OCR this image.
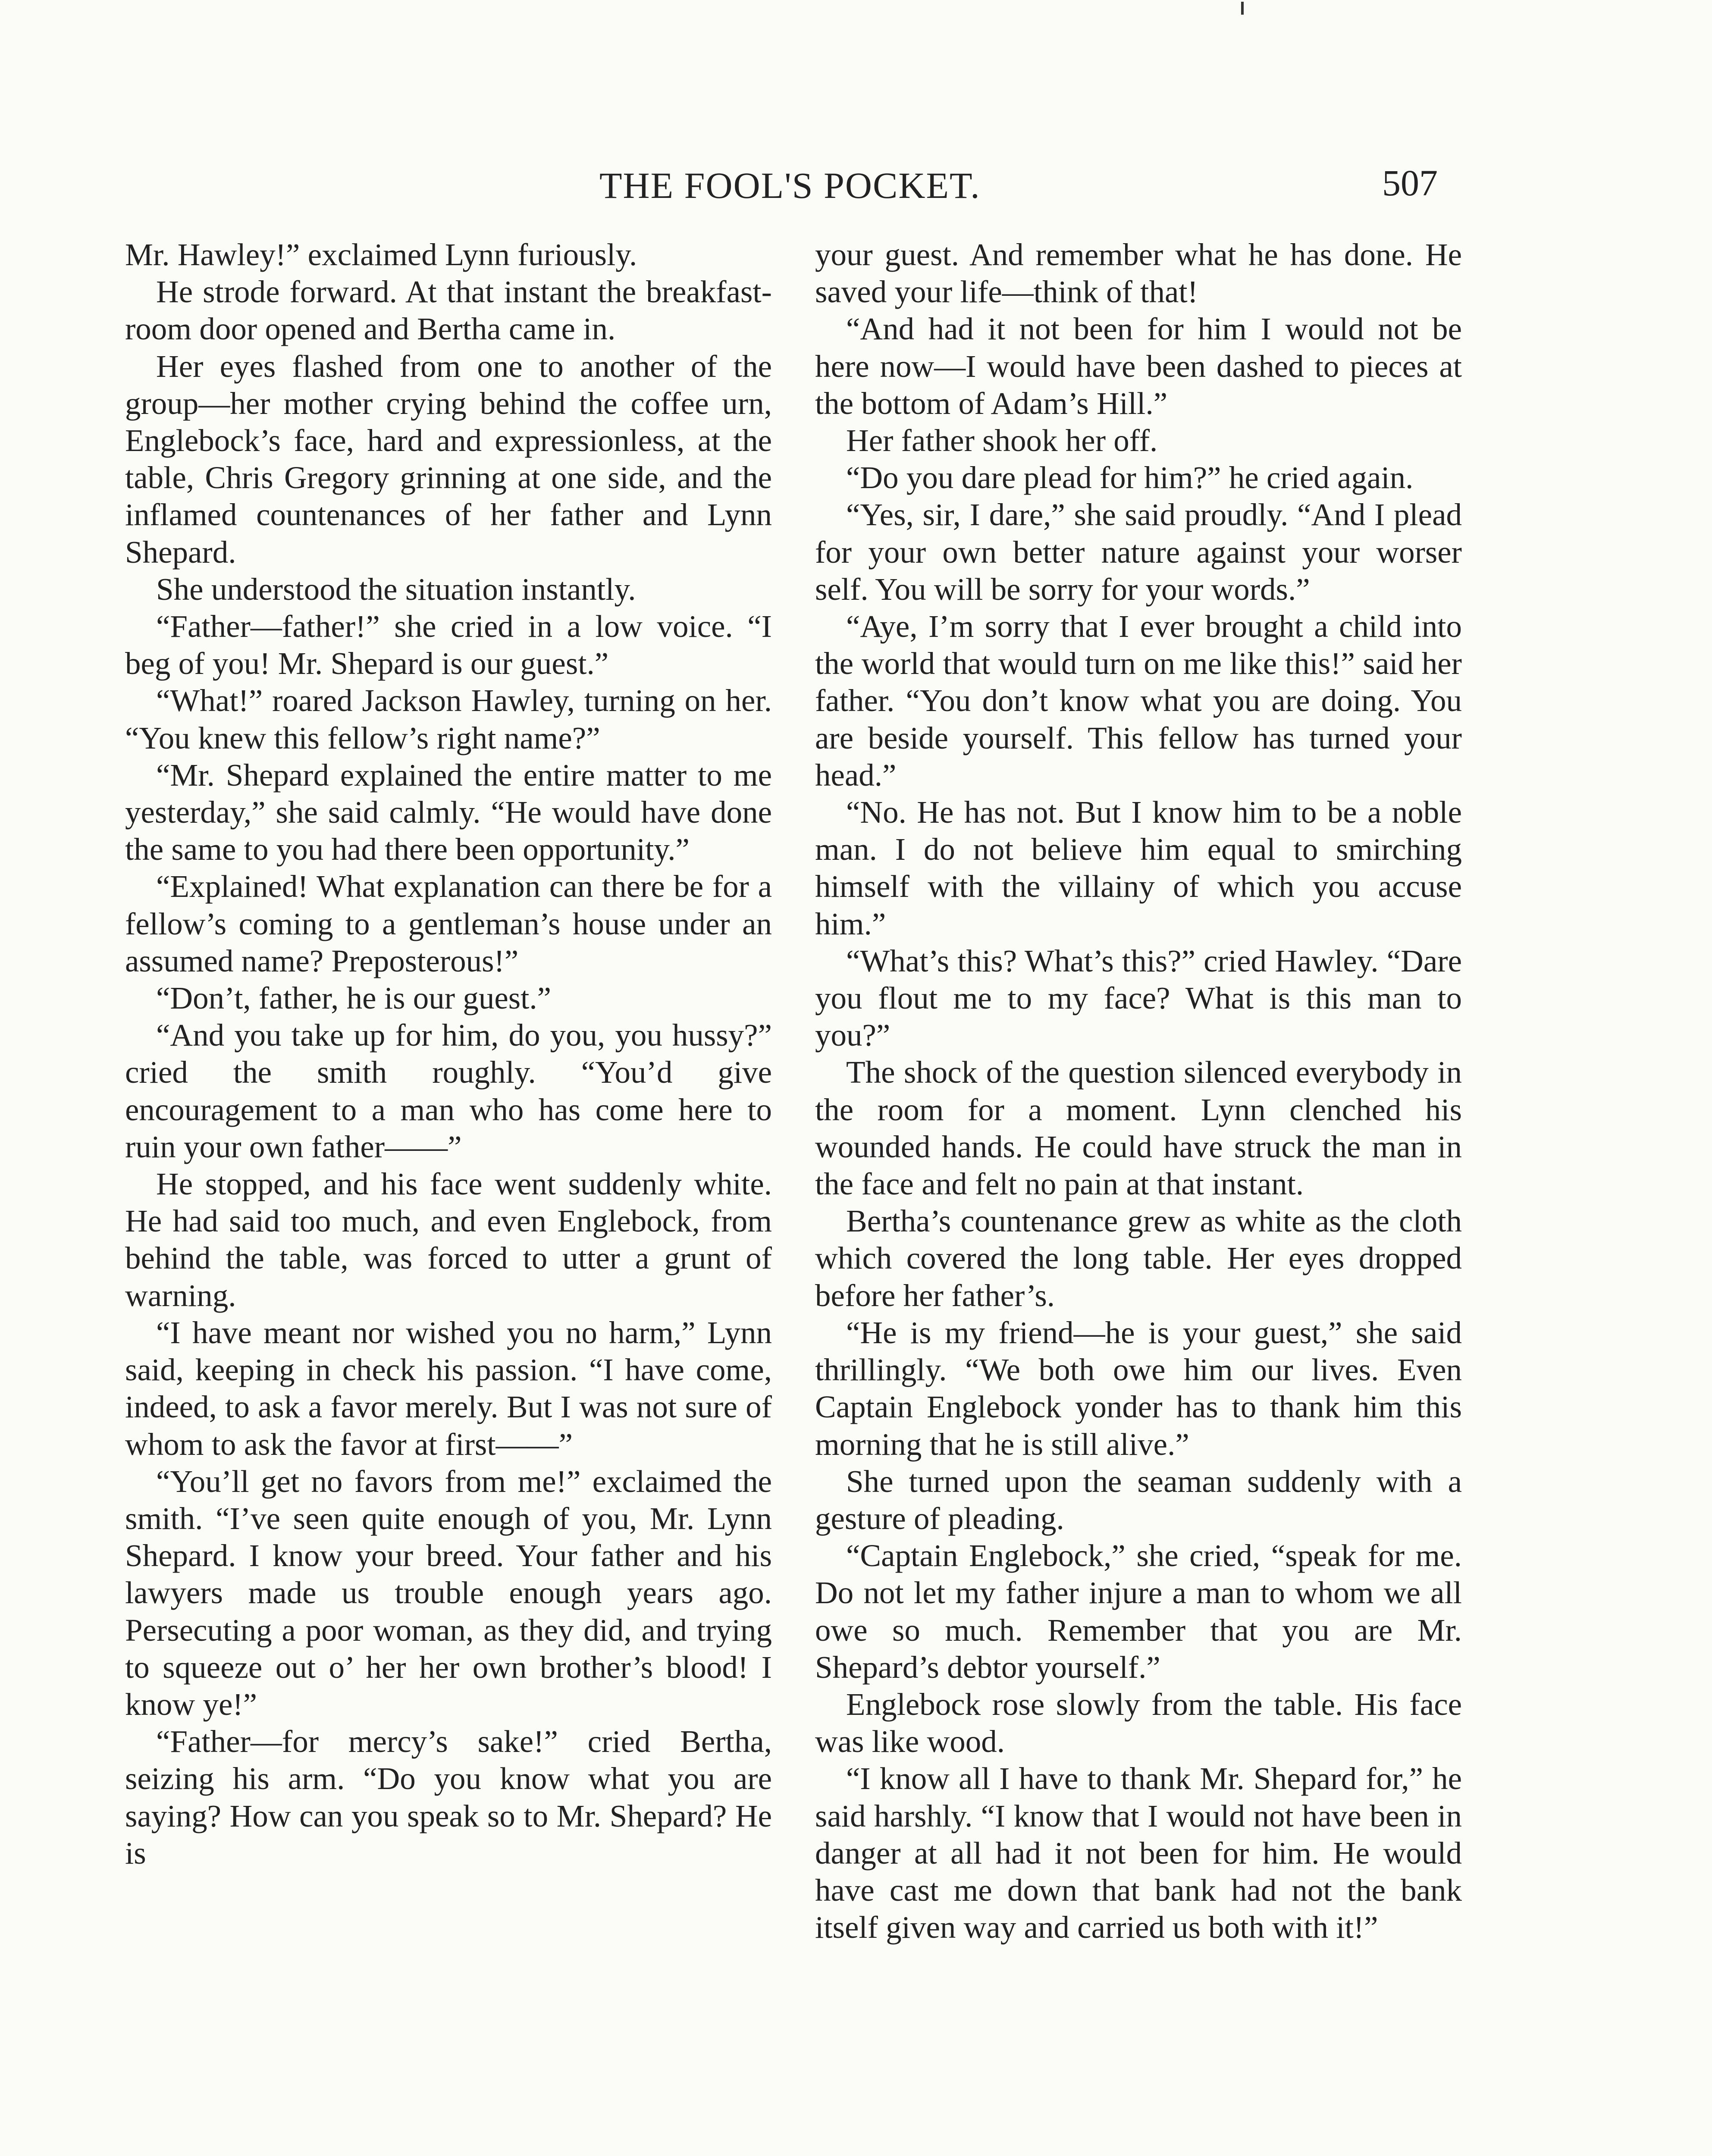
THE FOOL'S POCKET.	507

Mr. Hawley!” exclaimed Lynn furiously.

He strode forward. At that instant the breakfast-room door opened and Bertha came in.

Her eyes flashed from one to another of the group—her mother crying behind the coffee urn, Englebock’s face, hard and expressionless, at the table, Chris Gregory grinning at one side, and the inflamed countenances of her father and Lynn Shepard.

She understood the situation instantly.

“Father—father!” she cried in a low voice. “I beg of you! Mr. Shepard is our guest.”

“What!” roared Jackson Hawley, turning on her. “You knew this fellow’s right name?”

“Mr. Shepard explained the entire matter to me yesterday,” she said calmly. “He would have done the same to you had there been opportunity.”

“Explained! What explanation can there be for a fellow’s coming to a gentleman’s house under an assumed name? Preposterous!”

“Don’t, father, he is our guest.”

“And you take up for him, do you, you hussy?” cried the smith roughly. “You’d give encouragement to a man who has come here to ruin your own father——”

He stopped, and his face went suddenly white. He had said too much, and even Englebock, from behind the table, was forced to utter a grunt of warning.

“I have meant nor wished you no harm,” Lynn said, keeping in check his passion. “I have come, indeed, to ask a favor merely. But I was not sure of whom to ask the favor at first——”

“You’ll get no favors from me!” exclaimed the smith. “I’ve seen quite enough of you, Mr. Lynn Shepard. I know your breed. Your father and his lawyers made us trouble enough years ago. Persecuting a poor woman, as they did, and trying to squeeze out o’ her her own brother’s blood! I know ye!”

“Father—for mercy’s sake!” cried Bertha, seizing his arm. “Do you know what you are saying? How can you speak so to Mr. Shepard? He is

your guest. And remember what he has done. He saved your life—think of that!

“And had it not been for him I would not be here now—I would have been dashed to pieces at the bottom of Adam’s Hill.”

Her father shook her off.

“Do you dare plead for him?” he cried again.

“Yes, sir, I dare,” she said proudly. “And I plead for your own better nature against your worser self. You will be sorry for your words.”

“Aye, I’m sorry that I ever brought a child into the world that would turn on me like this!” said her father. “You don’t know what you are doing. You are beside yourself. This fellow has turned your head.”

“No. He has not. But I know him to be a noble man. I do not believe him equal to smirching himself with the villainy of which you accuse him.”

“What’s this? What’s this?” cried Hawley. “Dare you flout me to my face? What is this man to you?”

The shock of the question silenced everybody in the room for a moment. Lynn clenched his wounded hands. He could have struck the man in the face and felt no pain at that instant.

Bertha’s countenance grew as white as the cloth which covered the long table. Her eyes dropped before her father’s.

“He is my friend—he is your guest,” she said thrillingly. “We both owe him our lives. Even Captain Englebock yonder has to thank him this morning that he is still alive.”

She turned upon the seaman suddenly with a gesture of pleading.

“Captain Englebock,” she cried, “speak for me. Do not let my father injure a man to whom we all owe so much. Remember that you are Mr. Shepard’s debtor yourself.”

Englebock rose slowly from the table. His face was like wood.

“I know all I have to thank Mr. Shepard for,” he said harshly. “I know that I would not have been in danger at all had it not been for him. He would have cast me down that bank had not the bank itself given way and carried us both with it!”
